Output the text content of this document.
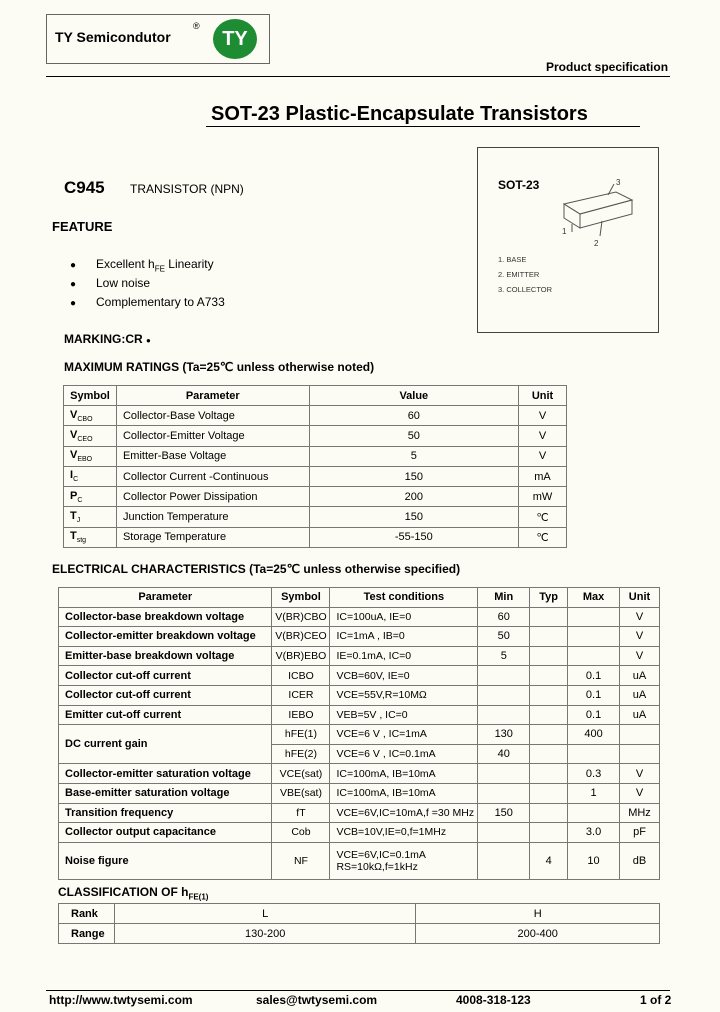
TY Semicondutor
®
TY
Product specification
SOT-23 Plastic-Encapsulate Transistors
C945 TRANSISTOR (NPN)
FEATURE
● Excellent $h_{FE}$ Linearity
● Low noise
● Complementary to A733
MARKING:CR ●
SOT-23	3
1
2
1. BASE
2. EMITTER
3. COLLECTOR
MAXIMUM RATINGS (Ta=25℃ unless otherwise noted)
Symbol	Parameter	Value	Unit
$V_{CBO}$	Collector-Base Voltage	60	V
$V_{CEO}$	Collector-Emitter Voltage	50	V
$V_{EBO}$	Emitter-Base Voltage	5	V
$I_C$	Collector Current -Continuous	150	mA
$P_C$	Collector Power Dissipation	200	mW
$T_J$	Junction Temperature	150	℃
$T_{stg}$	Storage Temperature	-55-150	℃
ELECTRICAL CHARACTERISTICS (Ta=25℃ unless otherwise specified)
Parameter	Symbol	Test conditions	Min	Typ	Max	Unit
Collector-base breakdown voltage	V(BR)CBO	IC=100uA, IE=0	60			V
Collector-emitter breakdown voltage	V(BR)CEO	IC=1mA , IB=0	50			V
Emitter-base breakdown voltage	V(BR)EBO	IE=0.1mA, IC=0	5			V
Collector cut-off current	ICBO	VCB=60V, IE=0			0.1	uA
Collector cut-off current	ICER	VCE=55V,R=10MΩ			0.1	uA
Emitter cut-off current	IEBO	VEB=5V , IC=0			0.1	uA
DC current gain	hFE(1)	VCE=6 V , IC=1mA	130		400	
	hFE(2)	VCE=6 V , IC=0.1mA	40			
Collector-emitter saturation voltage	VCE(sat)	IC=100mA, IB=10mA			0.3	V
Base-emitter saturation voltage	VBE(sat)	IC=100mA, IB=10mA			1	V
Transition frequency	fT	VCE=6V,IC=10mA,f =30 MHz	150			MHz
Collector output capacitance	Cob	VCB=10V,IE=0,f=1MHz			3.0	pF
Noise figure	NF	VCE=6V,IC=0.1mA
RS=10kΩ,f=1kHz		4	10	dB
CLASSIFICATION OF $h_{FE(1)}$
Rank	L	H
Range	130-200	200-400
http://www.twtysemi.com	sales@twtysemi.com	4008-318-123	1 of 2
